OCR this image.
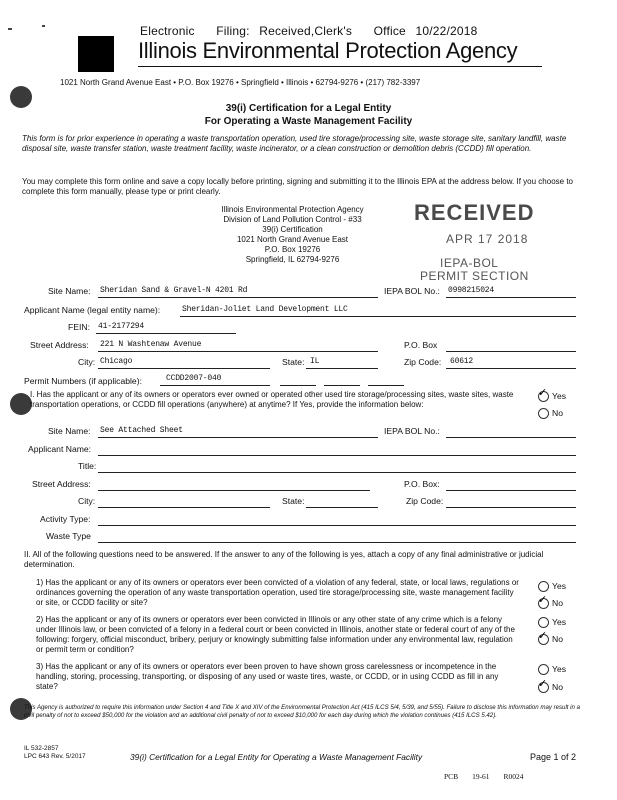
Electronic Filing: Received,Clerk's Office 10/22/2018
Illinois Environmental Protection Agency
1021 North Grand Avenue East • P.O. Box 19276 • Springfield • Illinois • 62794-9276 • (217) 782-3397
39(i) Certification for a Legal Entity
For Operating a Waste Management Facility
This form is for prior experience in operating a waste transportation operation, used tire storage/processing site, waste storage site, sanitary landfill, waste disposal site, waste transfer station, waste treatment facility, waste incinerator, or a clean construction or demolition debris (CCDD) fill operation.
You may complete this form online and save a copy locally before printing, signing and submitting it to the Illinois EPA at the address below. If you choose to complete this form manually, please type or print clearly.
Illinois Environmental Protection Agency
Division of Land Pollution Control - #33
39(i) Certification
1021 North Grand Avenue East
P.O. Box 19276
Springfield, IL 62794-9276
RECEIVED
APR 17 2018
IEPA-BOL
PERMIT SECTION
Site Name: Sheridan Sand & Gravel-N 4201 Rd	IEPA BOL No.: 0998215024
Applicant Name (legal entity name):	Sheridan-Joliet Land Development LLC
FEIN: 41-2177294
Street Address: 221 N Washtenaw Avenue	P.O. Box
City: Chicago	State: IL	Zip Code: 60612
Permit Numbers (if applicable):	CCDD2007-040
I. Has the applicant or any of its owners or operators ever owned or operated other used tire storage/processing sites, waste sites, waste transportation operations, or CCDD fill operations (anywhere) at anytime? If Yes, provide the information below:
✓ Yes
No
Site Name: See Attached Sheet	IEPA BOL No.:
Applicant Name:
Title:
Street Address:	P.O. Box:
City:	State:	Zip Code:
Activity Type:
Waste Type
II. All of the following questions need to be answered. If the answer to any of the following is yes, attach a copy of any final administrative or judicial determination.
1) Has the applicant or any of its owners or operators ever been convicted of a violation of any federal, state, or local laws, regulations or ordinances governing the operation of any waste transportation operation, used tire storage/processing site, waste management facility or site, or CCDD facility or site?
Yes
✓ No
2) Has the applicant or any of its owners or operators ever been convicted in Illinois or any other state of any crime which is a felony under Illinois law, or been convicted of a felony in a federal court or been convicted in Illinois, another state or federal court of any of the following: forgery, official misconduct, bribery, perjury or knowingly submitting false information under any environmental law, regulation or permit term or condition?
Yes
✓ No
3) Has the applicant or any of its owners or operators ever been proven to have shown gross carelessness or incompetence in the handling, storing, processing, transporting, or disposing of any used or waste tires, waste, or CCDD, or in using CCDD as fill in any state?
Yes
✓ No
This Agency is authorized to require this information under Section 4 and Title X and XIV of the Environmental Protection Act (415 ILCS 5/4, 5/39, and 5/55). Failure to disclose this information may result in a civil penalty of not to exceed $50,000 for the violation and an additional civil penalty of not to exceed $10,000 for each day during which the violation continues (415 ILCS 5.42).
IL 532-2857
LPC 643 Rev. 5/2017	39(i) Certification for a Legal Entity for Operating a Waste Management Facility	Page 1 of 2
PCB 19-61 R0024
